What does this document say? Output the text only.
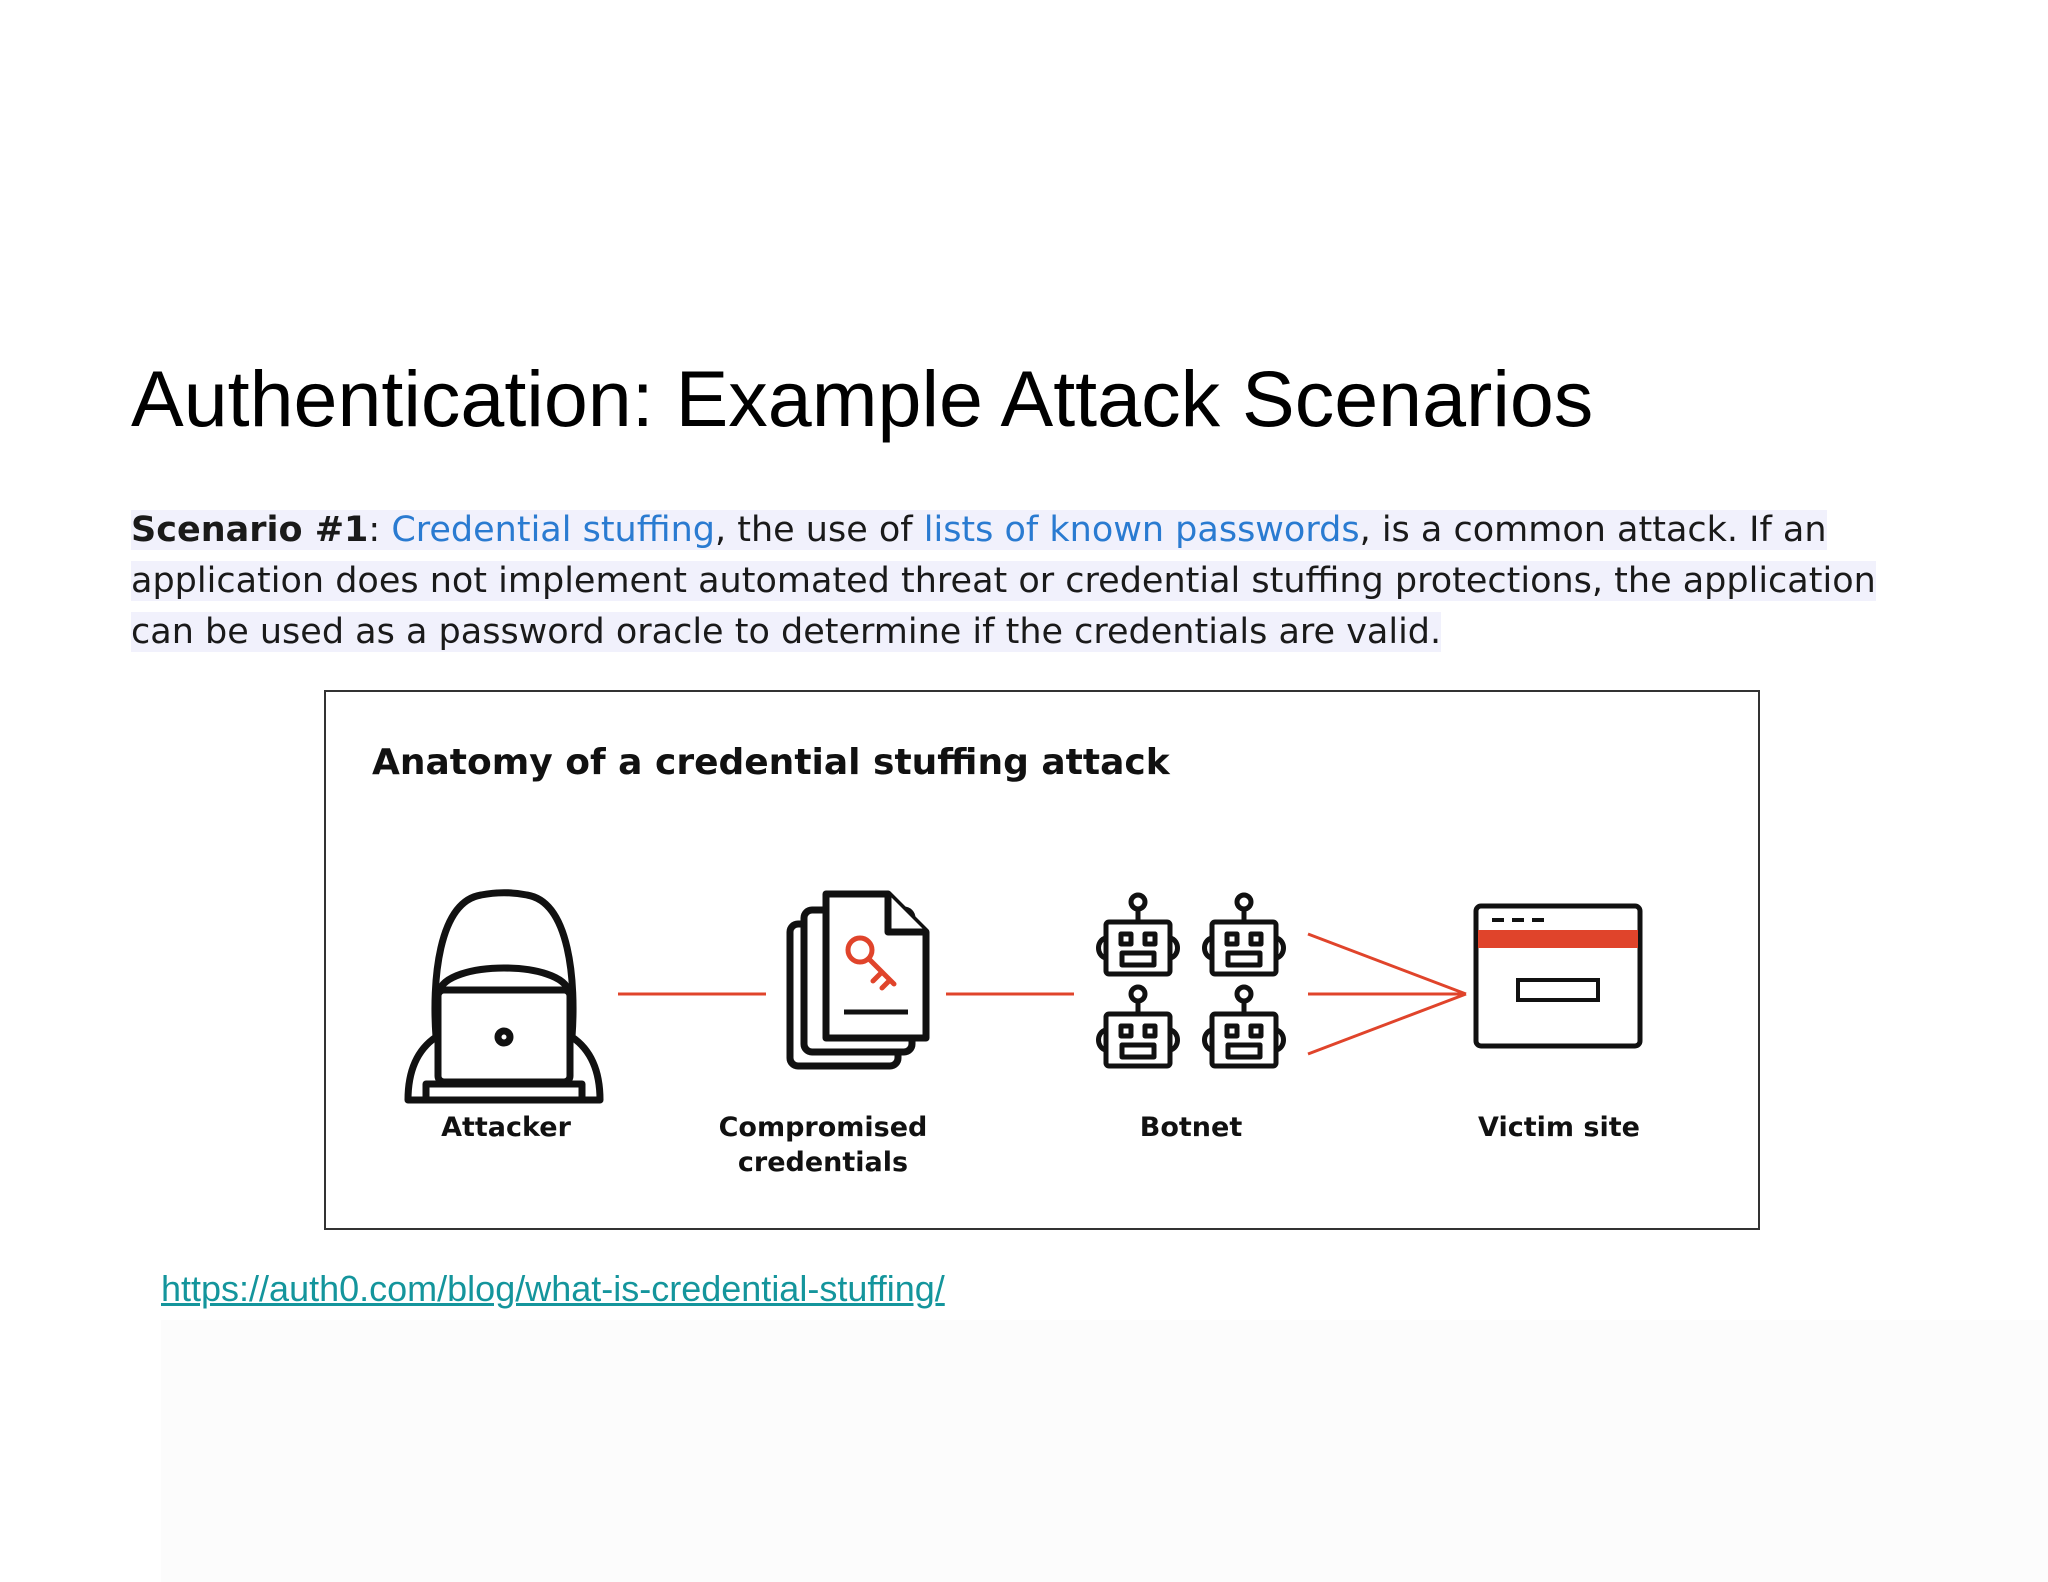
Authentication: Example Attack Scenarios

Scenario #1: Credential stuffing, the use of lists of known passwords, is a common attack. If an application does not implement automated threat or credential stuffing protections, the application can be used as a password oracle to determine if the credentials are valid.

Anatomy of a credential stuffing attack
Attacker	Compromised credentials
Botnet	Victim site
https://auth0.com/blog/what-is-credential-stuffing/
